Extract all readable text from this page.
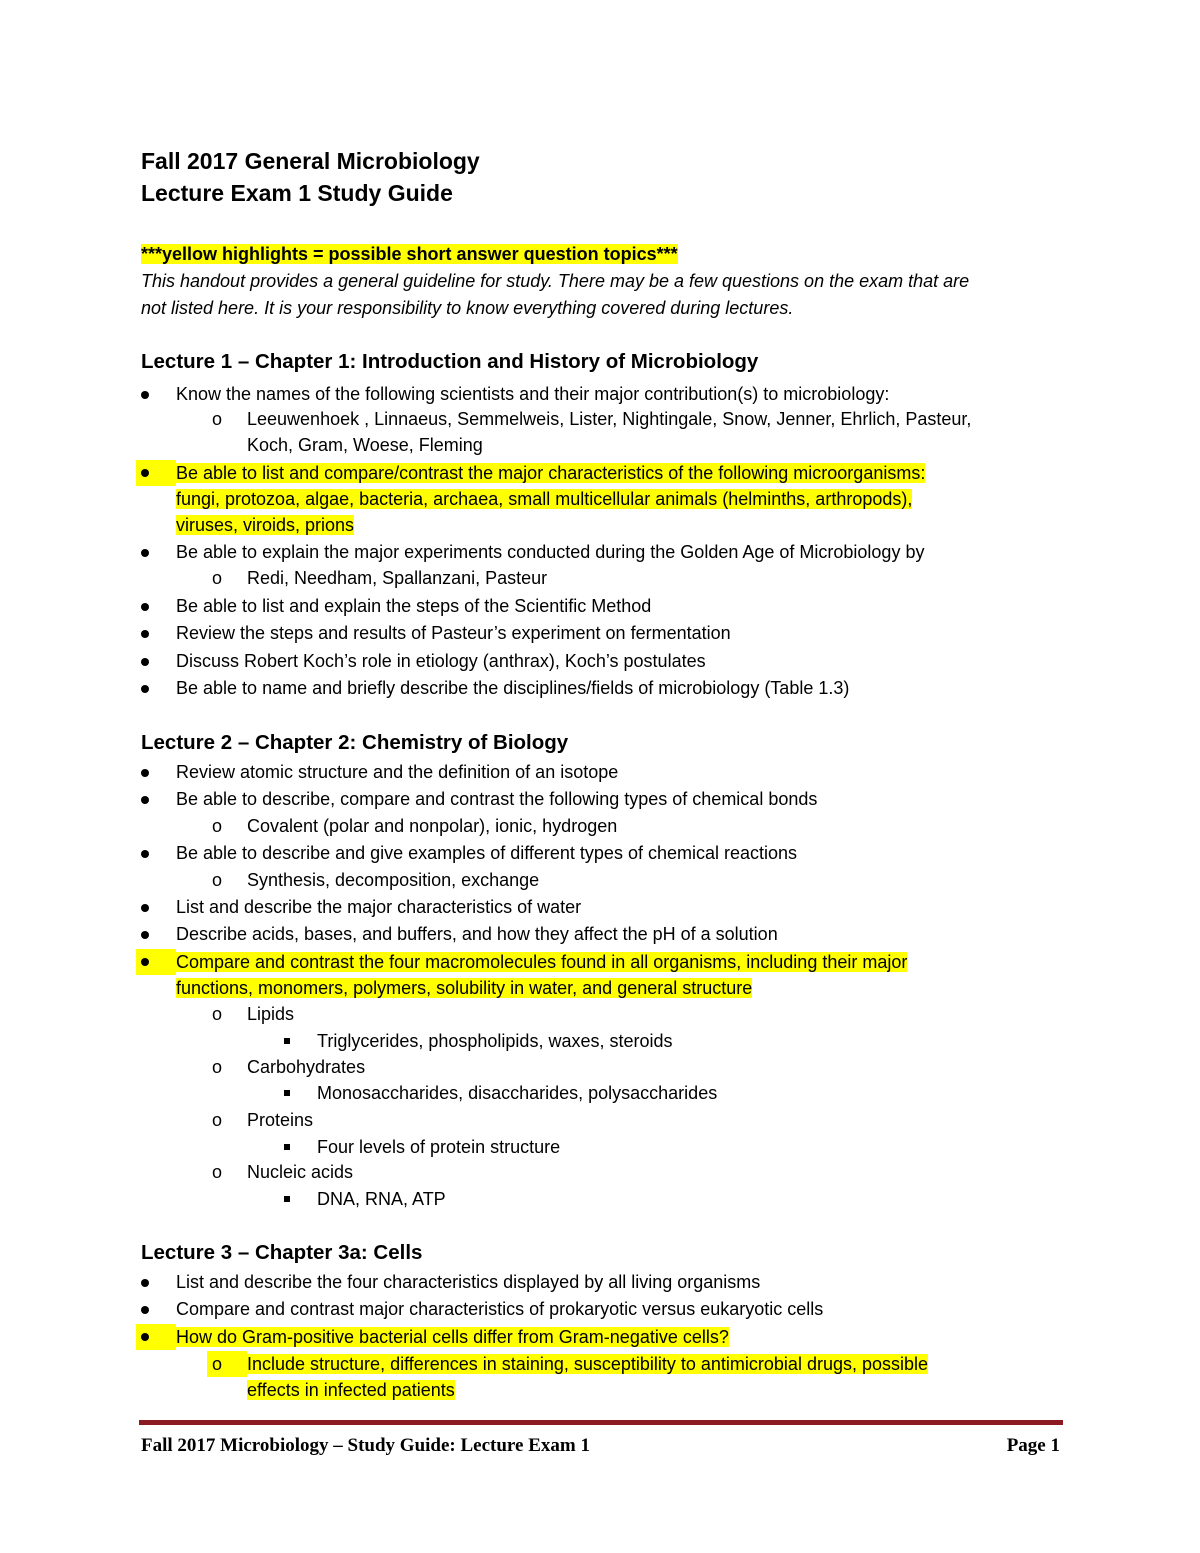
Fall 2017 General Microbiology
Lecture Exam 1 Study Guide
***yellow highlights = possible short answer question topics***
This handout provides a general guideline for study. There may be a few questions on the exam that are
not listed here. It is your responsibility to know everything covered during lectures.
Lecture 1 – Chapter 1: Introduction and History of Microbiology
Know the names of the following scientists and their major contribution(s) to microbiology:
o Leeuwenhoek , Linnaeus, Semmelweis, Lister, Nightingale, Snow, Jenner, Ehrlich, Pasteur,
Koch, Gram, Woese, Fleming
Be able to list and compare/contrast the major characteristics of the following microorganisms:
fungi, protozoa, algae, bacteria, archaea, small multicellular animals (helminths, arthropods),
viruses, viroids, prions
Be able to explain the major experiments conducted during the Golden Age of Microbiology by
o Redi, Needham, Spallanzani, Pasteur
Be able to list and explain the steps of the Scientific Method
Review the steps and results of Pasteur’s experiment on fermentation
Discuss Robert Koch’s role in etiology (anthrax), Koch’s postulates
Be able to name and briefly describe the disciplines/fields of microbiology (Table 1.3)
Lecture 2 – Chapter 2: Chemistry of Biology
Review atomic structure and the definition of an isotope
Be able to describe, compare and contrast the following types of chemical bonds
o Covalent (polar and nonpolar), ionic, hydrogen
Be able to describe and give examples of different types of chemical reactions
o Synthesis, decomposition, exchange
List and describe the major characteristics of water
Describe acids, bases, and buffers, and how they affect the pH of a solution
Compare and contrast the four macromolecules found in all organisms, including their major
functions, monomers, polymers, solubility in water, and general structure
o Lipids
Triglycerides, phospholipids, waxes, steroids
o Carbohydrates
Monosaccharides, disaccharides, polysaccharides
o Proteins
Four levels of protein structure
o Nucleic acids
DNA, RNA, ATP
Lecture 3 – Chapter 3a: Cells
List and describe the four characteristics displayed by all living organisms
Compare and contrast major characteristics of prokaryotic versus eukaryotic cells
How do Gram-positive bacterial cells differ from Gram-negative cells?
o	Include structure, differences in staining, susceptibility to antimicrobial drugs, possible
effects in infected patients
Fall 2017 Microbiology – Study Guide: Lecture Exam 1	Page 1
